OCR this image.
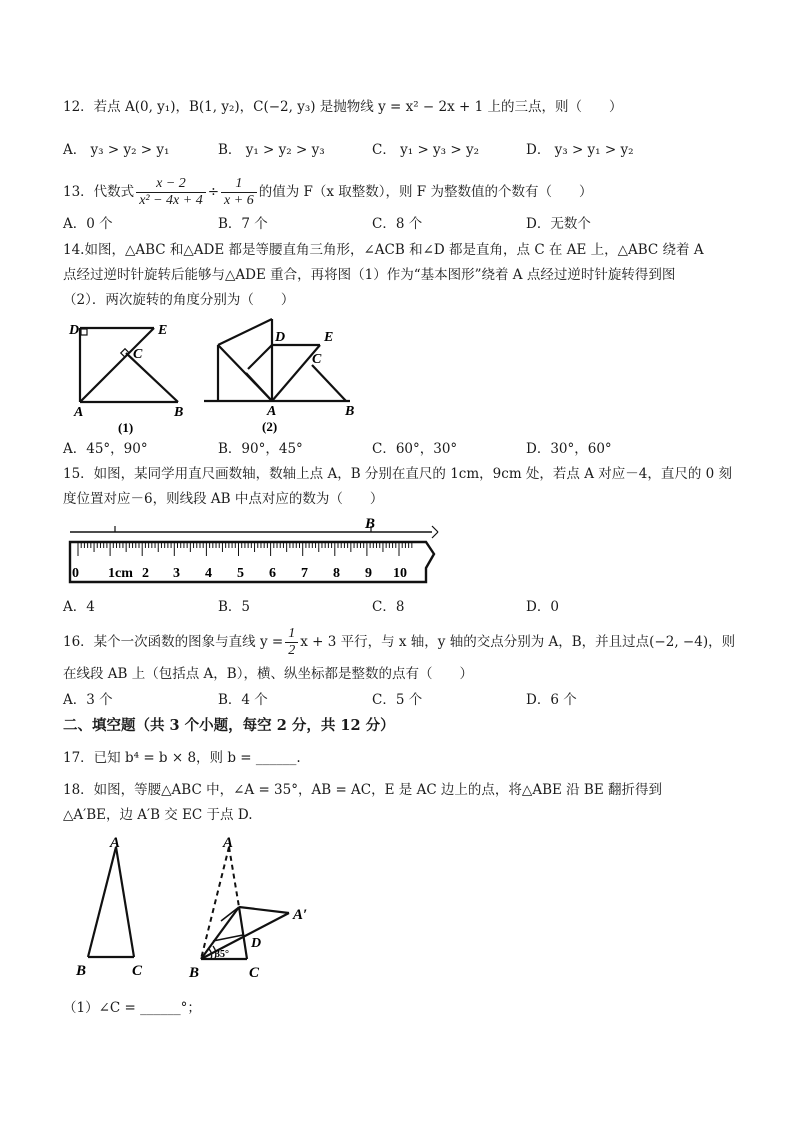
12．若点 A(0, y₁)，B(1, y₂)，C(−2, y₃) 是抛物线 y = x² − 2x + 1 上的三点，则（　　）
A． y₃ > y₂ > y₁	B． y₁ > y₂ > y₃	C． y₁ > y₃ > y₂	D． y₃ > y₁ > y₂
13．代数式 $\frac{x - 2}{\text{x² − 4x + 4}} \div \frac{1}{x + 6}$ 的值为 F（x 取整数），则 F 为整数值的个数有（　　）
A．0 个	B．7 个	C．8 个	D．无数个
14.如图，△ABC 和△ADE 都是等腰直角三角形，∠ACB 和∠D 都是直角，点 C 在 AE 上，△ABC 绕着 A
点经过逆时针旋转后能够与△ADE 重合，再将图（1）作为“基本图形”绕着 A 点经过逆时针旋转得到图
（2）．两次旋转的角度分别为（　　）
D	E
C
A	B
(1)
D	E
C
A	B
(2)
A．45°，90°	B．90°，45°	C．60°，30°	D．30°，60°
15．如图，某同学用直尺画数轴，数轴上点 A，B 分别在直尺的 1cm，9cm 处，若点 A 对应－4，直尺的 0 刻
度位置对应－6，则线段 AB 中点对应的数为（　　）
B
0 1cm 2 3 4 5 6 7 8 9 10
A．4	B．5	C．8	D．0
16．某个一次函数的图象与直线 $y = \frac{1}{2}$ x + 3 平行，与 x 轴，y 轴的交点分别为 A，B，并且过点(−2, −4)，则
在线段 AB 上（包括点 A，B），横、纵坐标都是整数的点有（　　）
A．3 个	B．4 个	C．5 个	D．6 个
二、填空题（共 3 个小题，每空 2 分，共 12 分）
17．已知 b⁴ = b × 8，则 b = ______.
18．如图，等腰△ABC 中，∠A = 35°，AB = AC，E 是 AC 边上的点，将△ABE 沿 BE 翻折得到
△A′BE，边 A′B 交 EC 于点 D.
A
B	C
A
A′
D
B	C
35°
（1）∠C = ______°；
